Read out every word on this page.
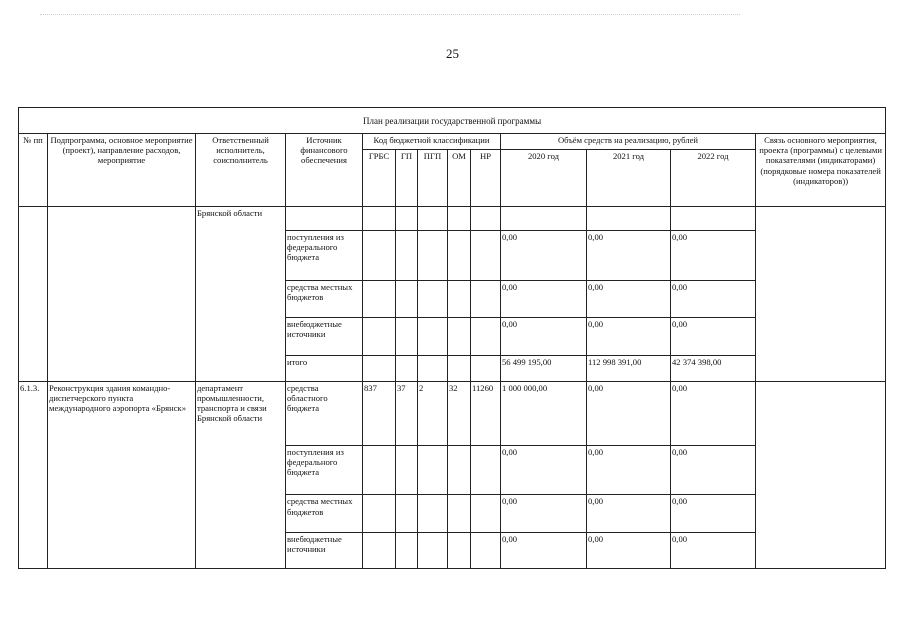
25
План реализации государственной программы												
№ пп	Подпрограмма, основное мероприятие (проект), направление расходов, мероприятие	Ответственный исполнитель, соисполнитель	Источник финансового обеспечения	Код бюджетной классификации					Объём средств на реализацию, рублей			Связь основного мероприятия, проекта (программы) с целевыми показателями (индикаторами) (порядковые номера показателей (индикаторов))
				ГРБС	ГП	ПГП	ОМ	НР	2020 год	2021 год	2022 год	
		Брянской области										
			поступления из федерального бюджета						0,00	0,00	0,00	
			средства местных бюджетов						0,00	0,00	0,00	
			внебюджетные источники						0,00	0,00	0,00	
			итого						56 499 195,00	112 998 391,00	42 374 398,00	
6.1.3.	Реконструкция здания командно-диспетчерского пункта международного аэропорта «Брянск»	департамент промышленности, транспорта и связи Брянской области	средства областного бюджета	837	37	2	32	11260	1 000 000,00	0,00	0,00	
			поступления из федерального бюджета						0,00	0,00	0,00	
			средства местных бюджетов						0,00	0,00	0,00	
			внебюджетные источники						0,00	0,00	0,00	
